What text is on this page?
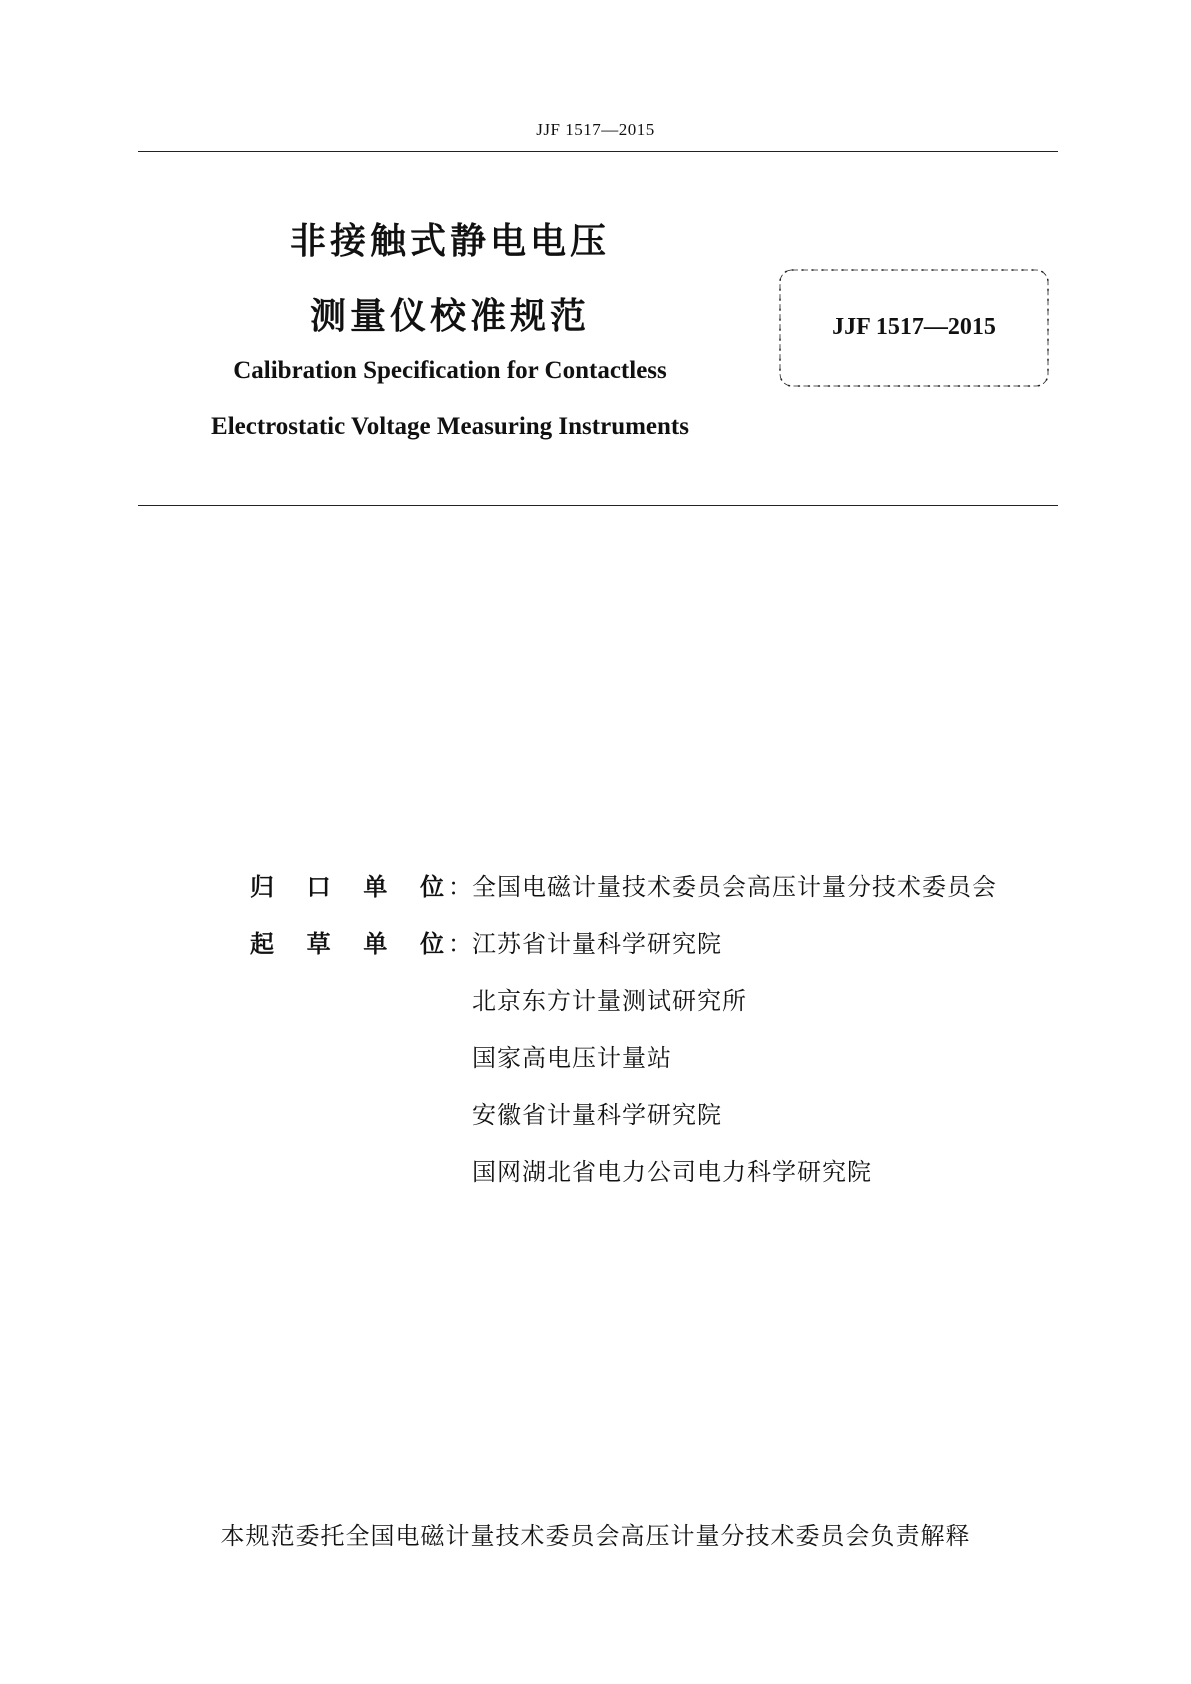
JJF 1517—2015
非接触式静电电压
测量仪校准规范
Calibration Specification for Contactless
Electrostatic Voltage Measuring Instruments
JJF 1517—2015
归 口 单 位 ： 全国电磁计量技术委员会高压计量分技术委员会
起 草 单 位 ： 江苏省计量科学研究院
北京东方计量测试研究所
国家高电压计量站
安徽省计量科学研究院
国网湖北省电力公司电力科学研究院
本规范委托全国电磁计量技术委员会高压计量分技术委员会负责解释
